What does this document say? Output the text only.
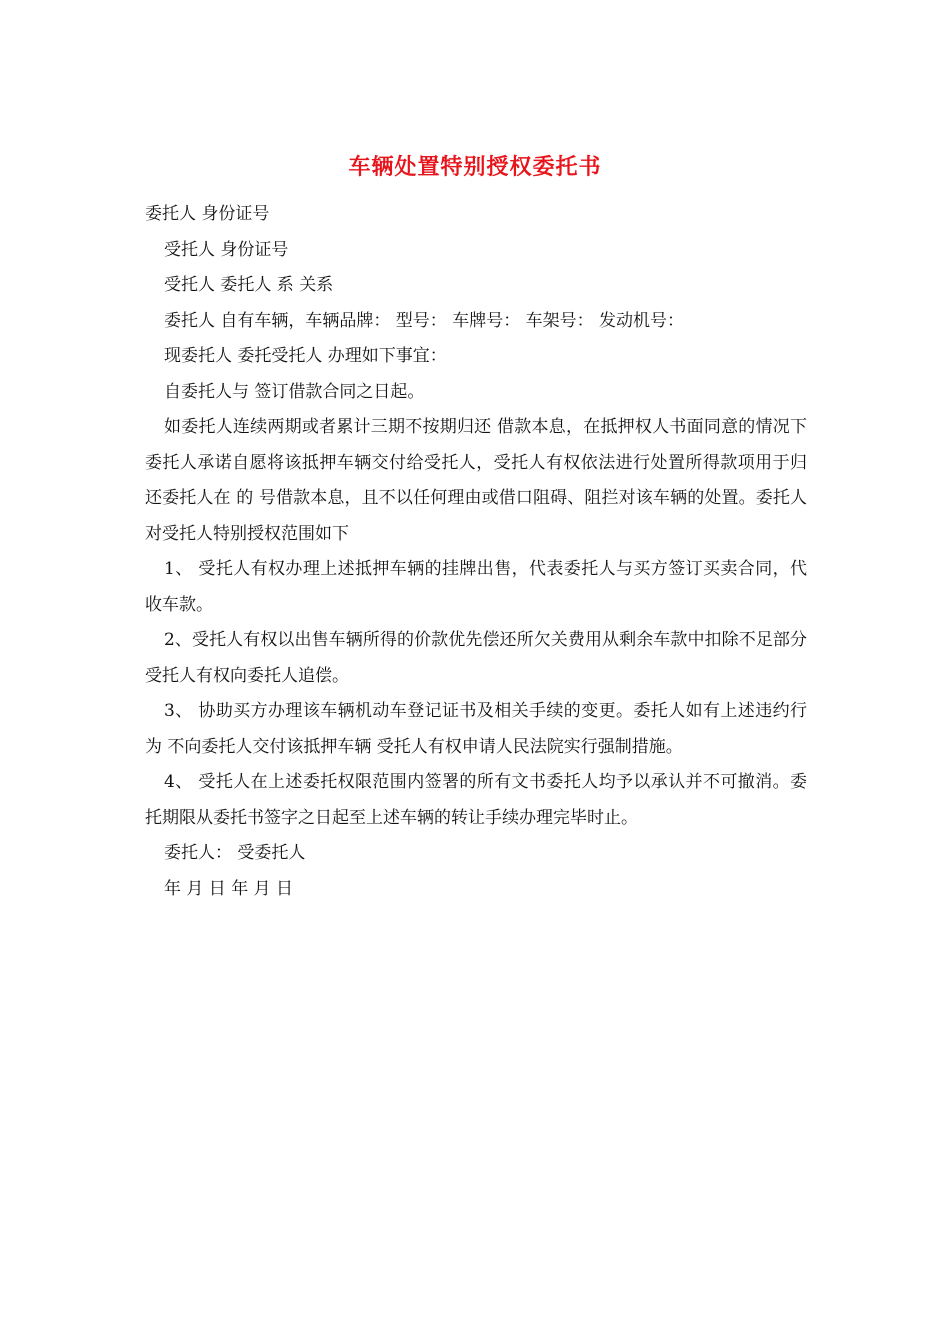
车辆处置特别授权委托书

委托人 身份证号

受托人 身份证号

受托人 委托人 系 关系

委托人 自有车辆，车辆品牌： 型号： 车牌号： 车架号： 发动机号：

现委托人 委托受托人 办理如下事宜：

自委托人与 签订借款合同之日起。

如委托人连续两期或者累计三期不按期归还 借款本息，在抵押权人书面同意的情况下委托人承诺自愿将该抵押车辆交付给受托人，受托人有权依法进行处置所得款项用于归还委托人在 的 号借款本息，且不以任何理由或借口阻碍、阻拦对该车辆的处置。委托人对受托人特别授权范围如下

1、 受托人有权办理上述抵押车辆的挂牌出售，代表委托人与买方签订买卖合同，代收车款。

2、受托人有权以出售车辆所得的价款优先偿还所欠关费用从剩余车款中扣除不足部分受托人有权向委托人追偿。

3、 协助买方办理该车辆机动车登记证书及相关手续的变更。委托人如有上述违约行为 不向委托人交付该抵押车辆 受托人有权申请人民法院实行强制措施。

4、 受托人在上述委托权限范围内签署的所有文书委托人均予以承认并不可撤消。委托期限从委托书签字之日起至上述车辆的转让手续办理完毕时止。

委托人： 受委托人

年 月 日 年 月 日
